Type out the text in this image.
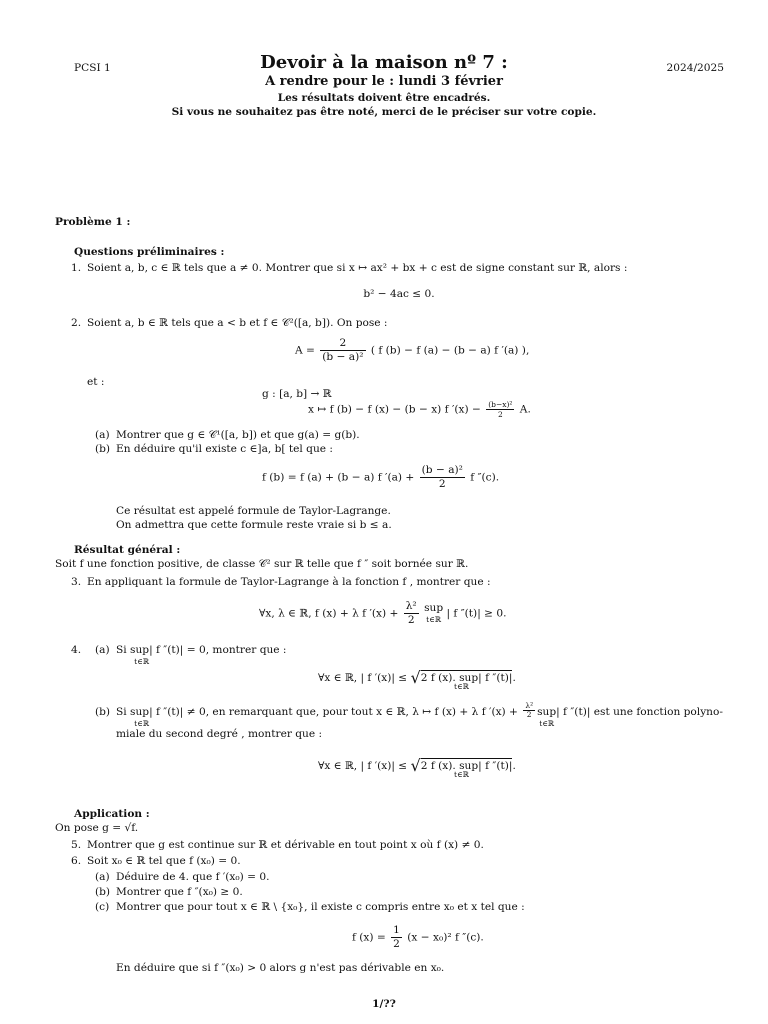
PCSI 1	2024/2025
Devoir à la maison nº 7 :
A rendre pour le : lundi 3 février
Les résultats doivent être encadrés.
Si vous ne souhaitez pas être noté, merci de le préciser sur votre copie.
Problème 1 :
Questions préliminaires :
1. Soient a, b, c ∈ ℝ tels que a ≠ 0. Montrer que si x ↦ ax² + bx + c est de signe constant sur ℝ, alors :
b² − 4ac ≤ 0.
2. Soient a, b ∈ ℝ tels que a < b et f ∈ 𝒞²([a, b]). On pose :
$A = \frac{2}{\text{(b − a)²}}$ ( f (b) − f (a) − (b − a) f ′(a) ),
et :
g : [a, b] → ℝ
x ↦ f (b) − f (x) − (b − x) f $'(x) - \frac{\text{(b−x)²}}{2} A$.
(a) Montrer que g ∈ 𝒞¹([a, b]) et que g(a) = g(b).
(b) En déduire qu'il existe c ∈]a, b[ tel que :
f (b) = f (a) + (b − a) f $'(a) + \frac{\text{(b − a)²}}{2}$ f ″(c).
Ce résultat est appelé formule de Taylor-Lagrange.
On admettra que cette formule reste vraie si b ≤ a.
Résultat général :
Soit f une fonction positive, de classe 𝒞² sur ℝ telle que f ″ soit bornée sur ℝ.
3. En appliquant la formule de Taylor-Lagrange à la fonction f , montrer que :
∀x, λ ∈ ℝ, f (x) + λ f $'(x) + \frac{\text{λ²}}{2}$
sup
t∈ℝ | f ″(t)| ≥ 0.
4. (a) Si sup
t∈ℝ
| f ″(t)| = 0, montrer que :
∀x ∈ ℝ, | f ′(x)| ≤ √2 f (x). sup| f ″(t)|.
t∈ℝ
(b) Si sup
t∈ℝ
| f ″(t)| ≠ 0, en remarquant que, pour tout x ∈ ℝ, λ ↦ f (x) + λ f $'(x) + \frac{\text{λ²}}{2}$ sup
t∈ℝ
| f ″(t)| est une fonction polyno-
miale du second degré , montrer que :
∀x ∈ ℝ, | f ′(x)| ≤ √2 f (x). sup| f ″(t)|.
t∈ℝ
Application :
On pose g = √f.
5. Montrer que g est continue sur ℝ et dérivable en tout point x où f (x) ≠ 0.
6. Soit x₀ ∈ ℝ tel que f (x₀) = 0.
(a) Déduire de 4. que f ′(x₀) = 0.
(b) Montrer que f ″(x₀) ≥ 0.
(c) Montrer que pour tout x ∈ ℝ \ {x₀}, il existe c compris entre x₀ et x tel que :
f $(x) = \frac{1}{2} (x - x_0)^2$ f ″(c).
En déduire que si f ″(x₀) > 0 alors g n'est pas dérivable en x₀.
1/??
